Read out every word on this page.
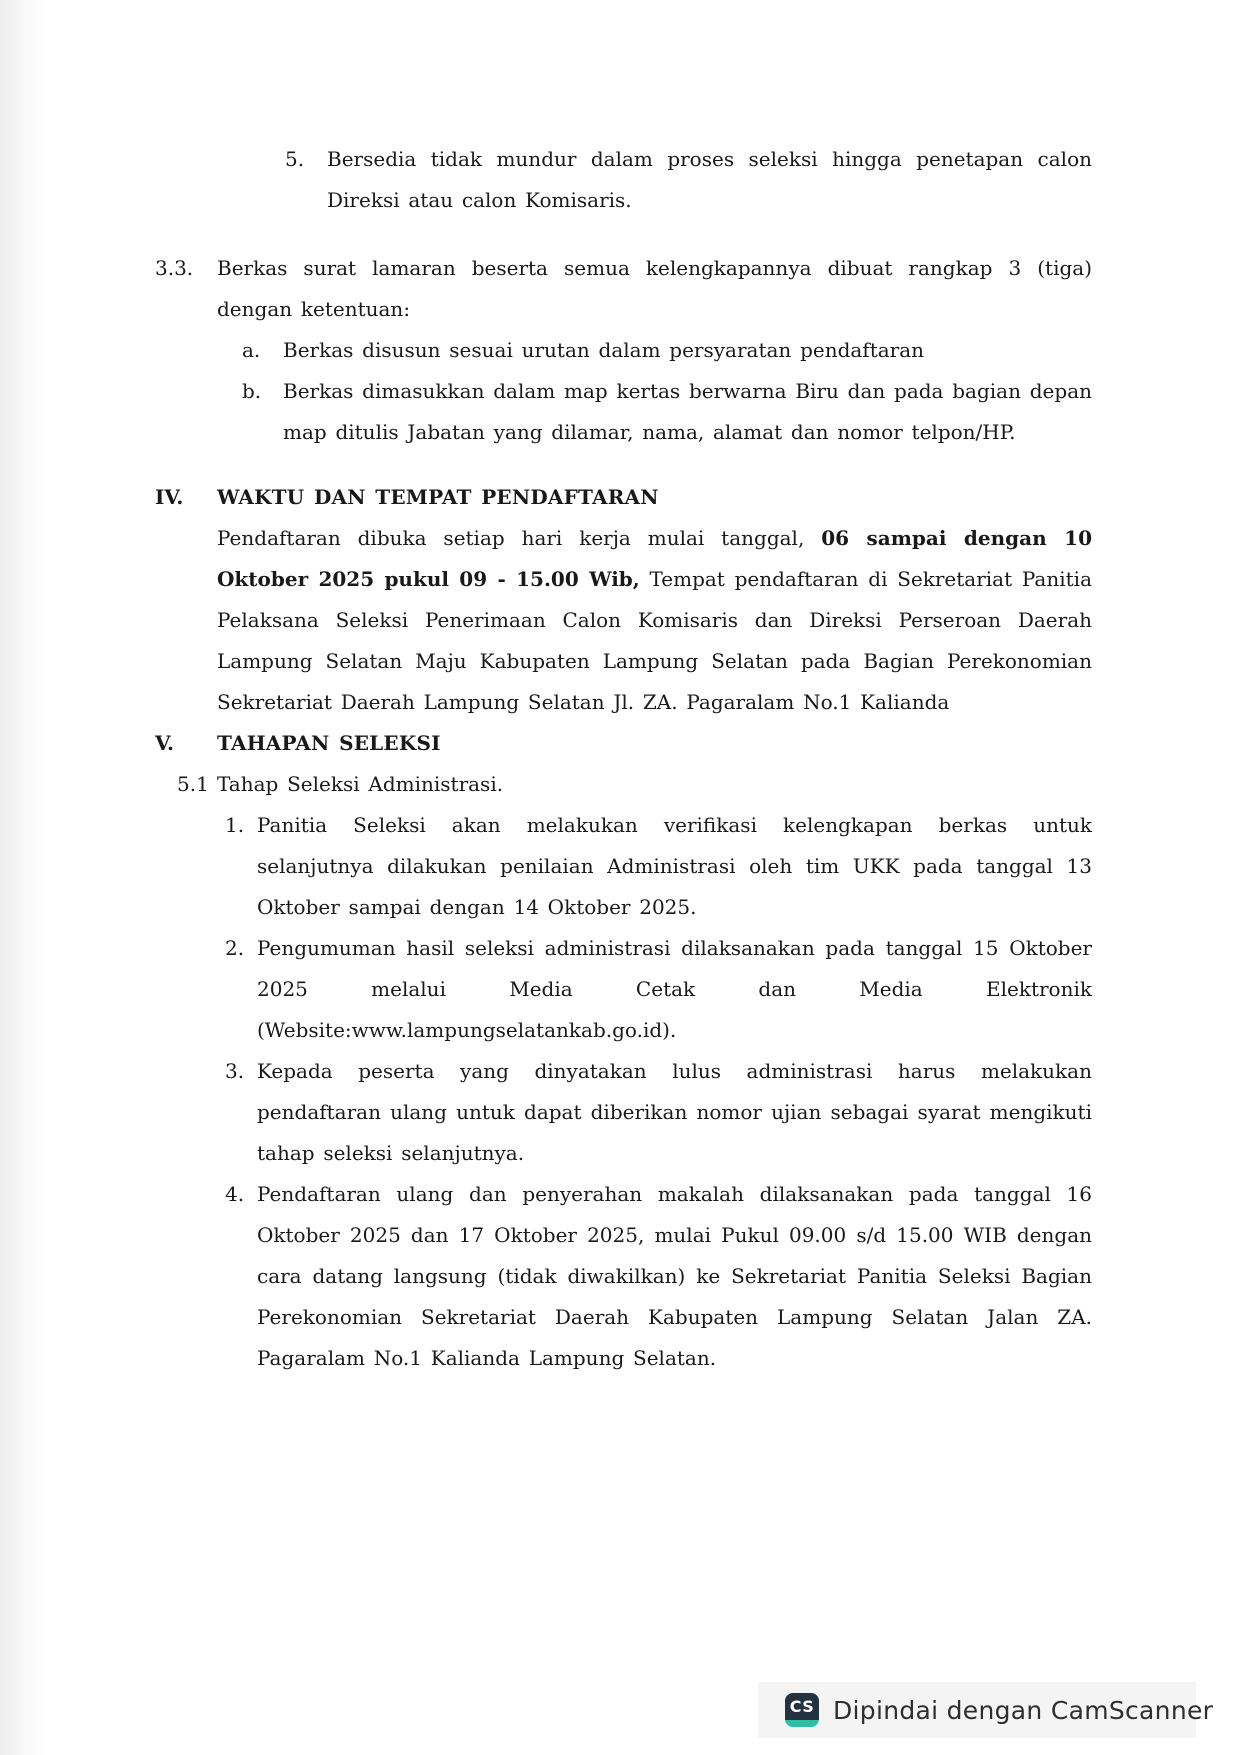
5.	Bersedia tidak mundur dalam proses seleksi hingga penetapan calon Direksi atau calon Komisaris.
3.3.	Berkas surat lamaran beserta semua kelengkapannya dibuat rangkap 3 (tiga) dengan ketentuan:
a.	Berkas disusun sesuai urutan dalam persyaratan pendaftaran
b.	Berkas dimasukkan dalam map kertas berwarna Biru dan pada bagian depan map ditulis Jabatan yang dilamar, nama, alamat dan nomor telpon/HP.
IV.	WAKTU DAN TEMPAT PENDAFTARAN
Pendaftaran dibuka setiap hari kerja mulai tanggal, 06 sampai dengan 10 Oktober 2025 pukul 09 - 15.00 Wib, Tempat pendaftaran di Sekretariat Panitia Pelaksana Seleksi Penerimaan Calon Komisaris dan Direksi Perseroan Daerah Lampung Selatan Maju Kabupaten Lampung Selatan pada Bagian Perekonomian Sekretariat Daerah Lampung Selatan Jl. ZA. Pagaralam No.1 Kalianda
V.	TAHAPAN SELEKSI
5.1 Tahap Seleksi Administrasi.
1. Panitia Seleksi akan melakukan verifikasi kelengkapan berkas untuk selanjutnya dilakukan penilaian Administrasi oleh tim UKK pada tanggal 13 Oktober sampai dengan 14 Oktober 2025.
2. Pengumuman hasil seleksi administrasi dilaksanakan pada tanggal 15 Oktober 2025 melalui Media Cetak dan Media Elektronik (Website:www.lampungselatankab.go.id).
3. Kepada peserta yang dinyatakan lulus administrasi harus melakukan pendaftaran ulang untuk dapat diberikan nomor ujian sebagai syarat mengikuti tahap seleksi selanjutnya.
4. Pendaftaran ulang dan penyerahan makalah dilaksanakan pada tanggal 16 Oktober 2025 dan 17 Oktober 2025, mulai Pukul 09.00 s/d 15.00 WIB dengan cara datang langsung (tidak diwakilkan) ke Sekretariat Panitia Seleksi Bagian Perekonomian Sekretariat Daerah Kabupaten Lampung Selatan Jalan ZA. Pagaralam No.1 Kalianda Lampung Selatan.
CS Dipindai dengan CamScanner
